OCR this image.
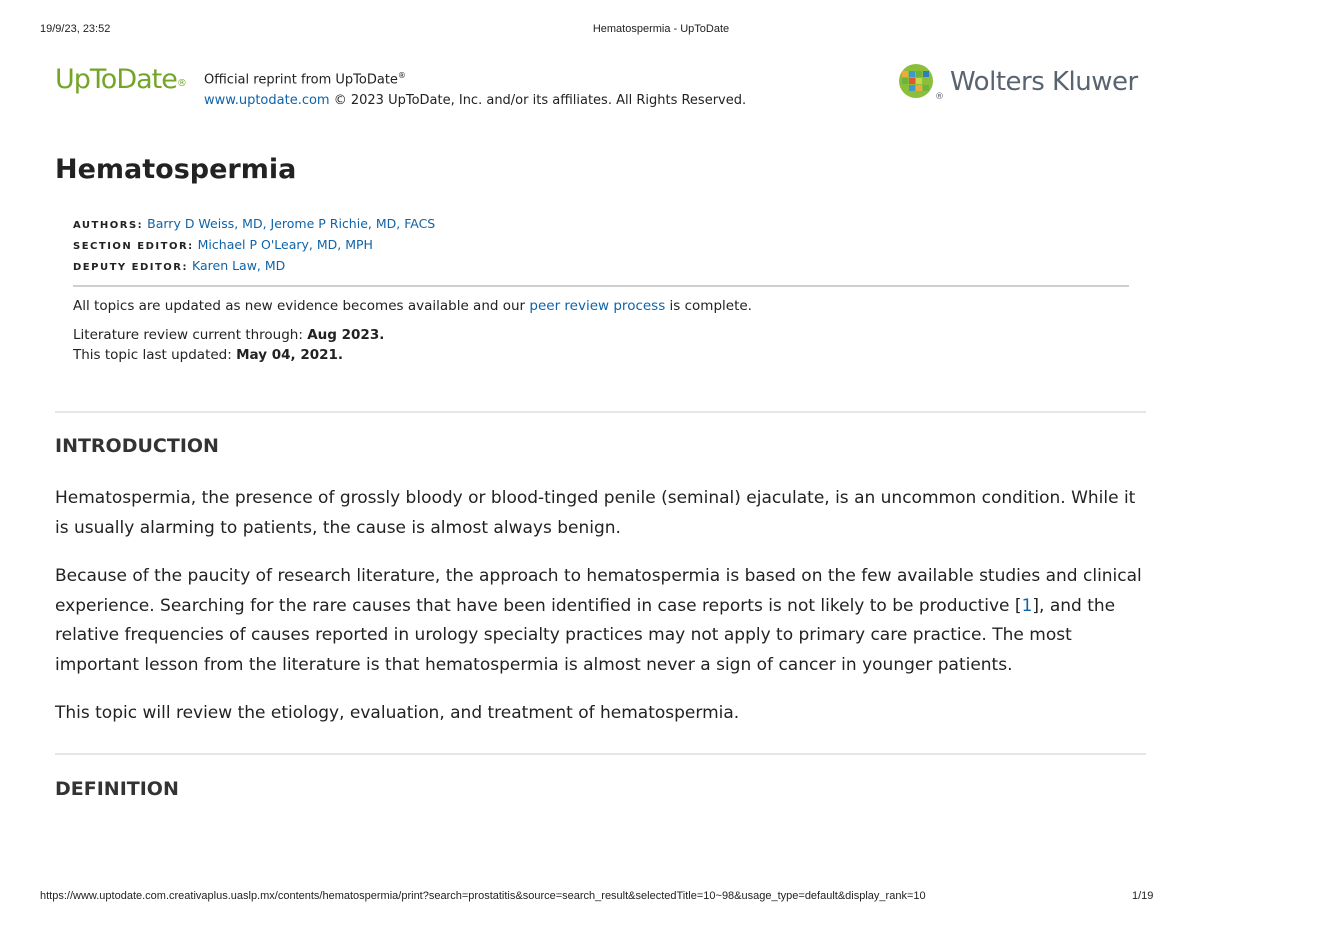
19/9/23, 23:52	Hematospermia - UpToDate
UpToDate® Official reprint from UpToDate®
www.uptodate.com © 2023 UpToDate, Inc. and/or its affiliates. All Rights Reserved.	® Wolters Kluwer
Hematospermia
AUTHORS: Barry D Weiss, MD, Jerome P Richie, MD, FACS
SECTION EDITOR: Michael P O'Leary, MD, MPH
DEPUTY EDITOR: Karen Law, MD
All topics are updated as new evidence becomes available and our peer review process is complete.
Literature review current through: Aug 2023.
This topic last updated: May 04, 2021.
INTRODUCTION

Hematospermia, the presence of grossly bloody or blood-tinged penile (seminal) ejaculate, is an uncommon condition. While it is usually alarming to patients, the cause is almost always benign.

Because of the paucity of research literature, the approach to hematospermia is based on the few available studies and clinical experience. Searching for the rare causes that have been identified in case reports is not likely to be productive [1], and the relative frequencies of causes reported in urology specialty practices may not apply to primary care practice. The most important lesson from the literature is that hematospermia is almost never a sign of cancer in younger patients.

This topic will review the etiology, evaluation, and treatment of hematospermia.

DEFINITION
https://www.uptodate.com.creativaplus.uaslp.mx/contents/hematospermia/print?search=prostatitis&source=search_result&selectedTitle=10~98&usage_type=default&display_rank=10	1/19
